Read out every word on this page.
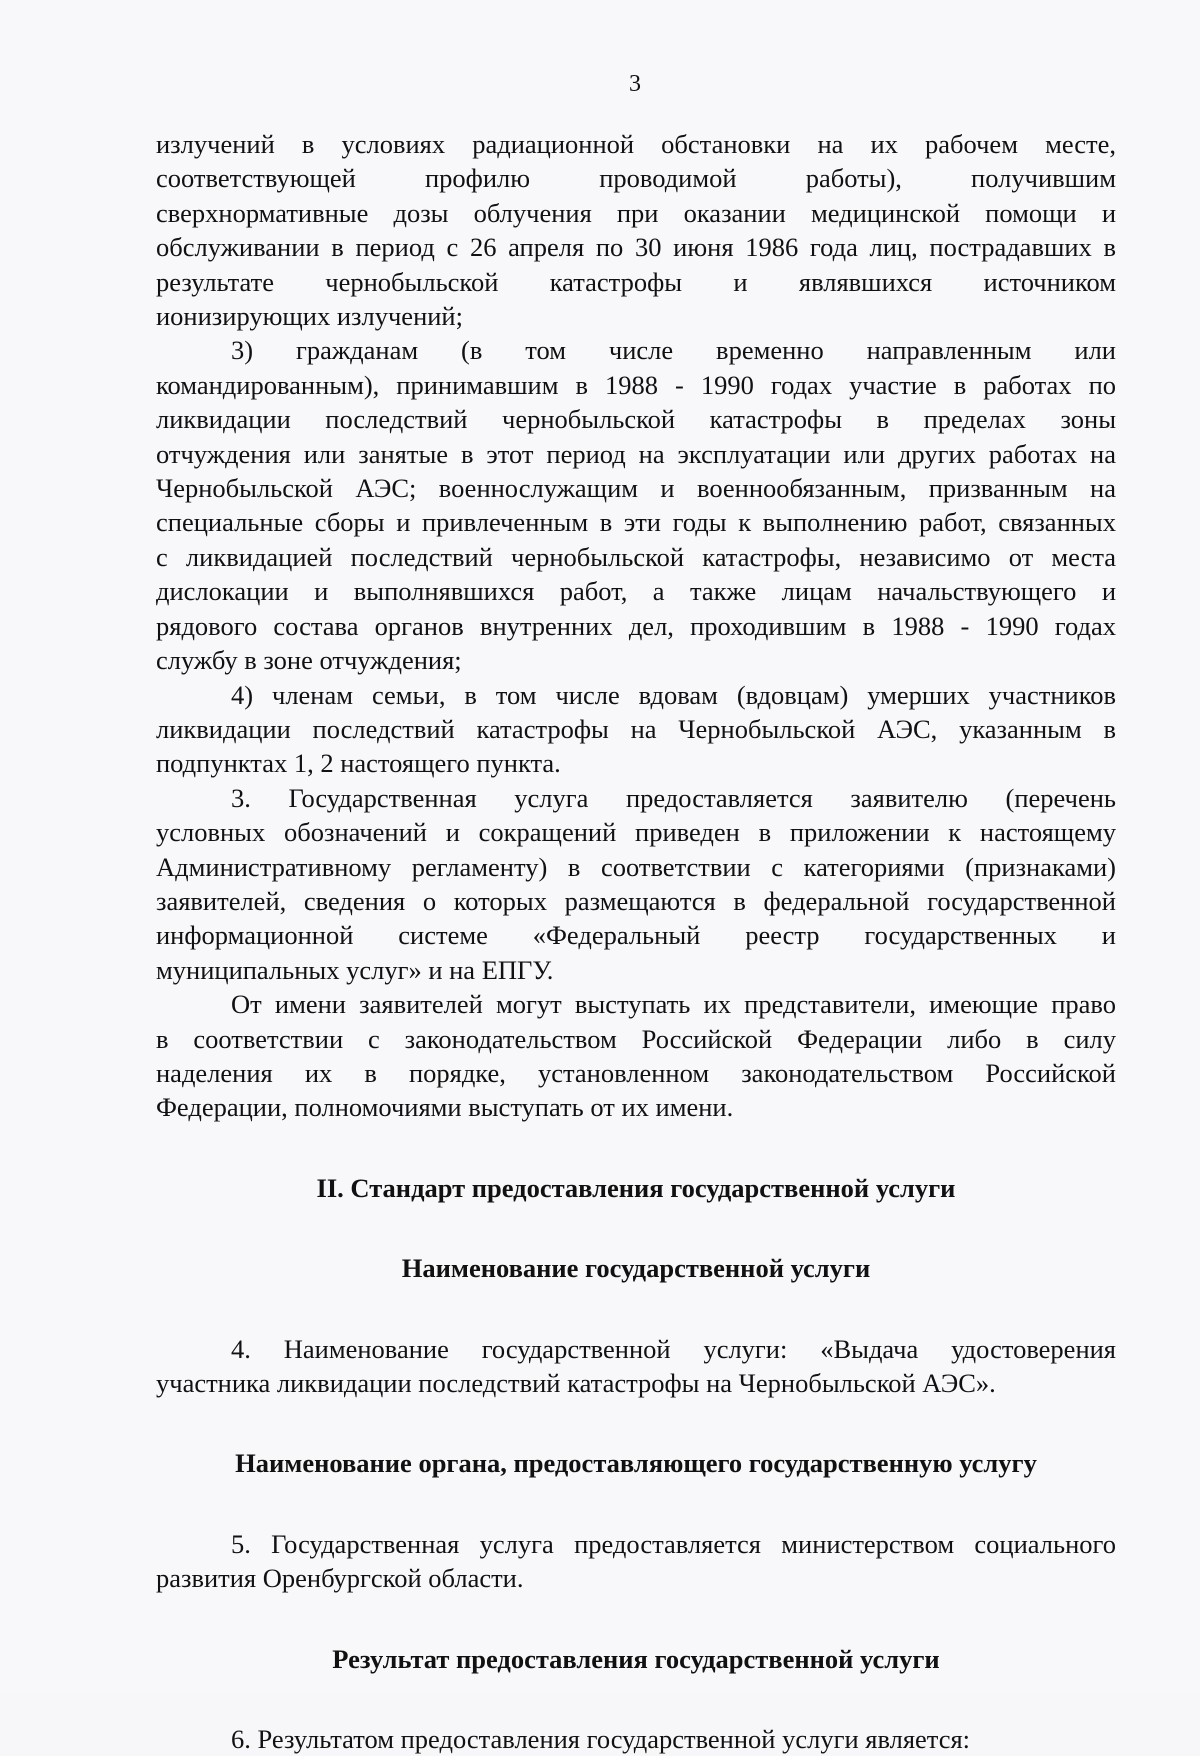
3
излучений в условиях радиационной обстановки на их рабочем месте,
соответствующей профилю проводимой работы), получившим
сверхнормативные дозы облучения при оказании медицинской помощи и
обслуживании в период с 26 апреля по 30 июня 1986 года лиц, пострадавших в
результате чернобыльской катастрофы и являвшихся источником
ионизирующих излучений;
3) гражданам (в том числе временно направленным или
командированным), принимавшим в 1988 - 1990 годах участие в работах по
ликвидации последствий чернобыльской катастрофы в пределах зоны
отчуждения или занятые в этот период на эксплуатации или других работах на
Чернобыльской АЭС; военнослужащим и военнообязанным, призванным на
специальные сборы и привлеченным в эти годы к выполнению работ, связанных
с ликвидацией последствий чернобыльской катастрофы, независимо от места
дислокации и выполнявшихся работ, а также лицам начальствующего и
рядового состава органов внутренних дел, проходившим в 1988 - 1990 годах
службу в зоне отчуждения;
4) членам семьи, в том числе вдовам (вдовцам) умерших участников
ликвидации последствий катастрофы на Чернобыльской АЭС, указанным в
подпунктах 1, 2 настоящего пункта.
3. Государственная услуга предоставляется заявителю (перечень
условных обозначений и сокращений приведен в приложении к настоящему
Административному регламенту) в соответствии с категориями (признаками)
заявителей, сведения о которых размещаются в федеральной государственной
информационной системе «Федеральный реестр государственных и
муниципальных услуг» и на ЕПГУ.
От имени заявителей могут выступать их представители, имеющие право
в соответствии с законодательством Российской Федерации либо в силу
наделения их в порядке, установленном законодательством Российской
Федерации, полномочиями выступать от их имени.
II. Стандарт предоставления государственной услуги
Наименование государственной услуги
4. Наименование государственной услуги: «Выдача удостоверения
участника ликвидации последствий катастрофы на Чернобыльской АЭС».
Наименование органа, предоставляющего государственную услугу
5. Государственная услуга предоставляется министерством социального
развития Оренбургской области.
Результат предоставления государственной услуги
6. Результатом предоставления государственной услуги является:
